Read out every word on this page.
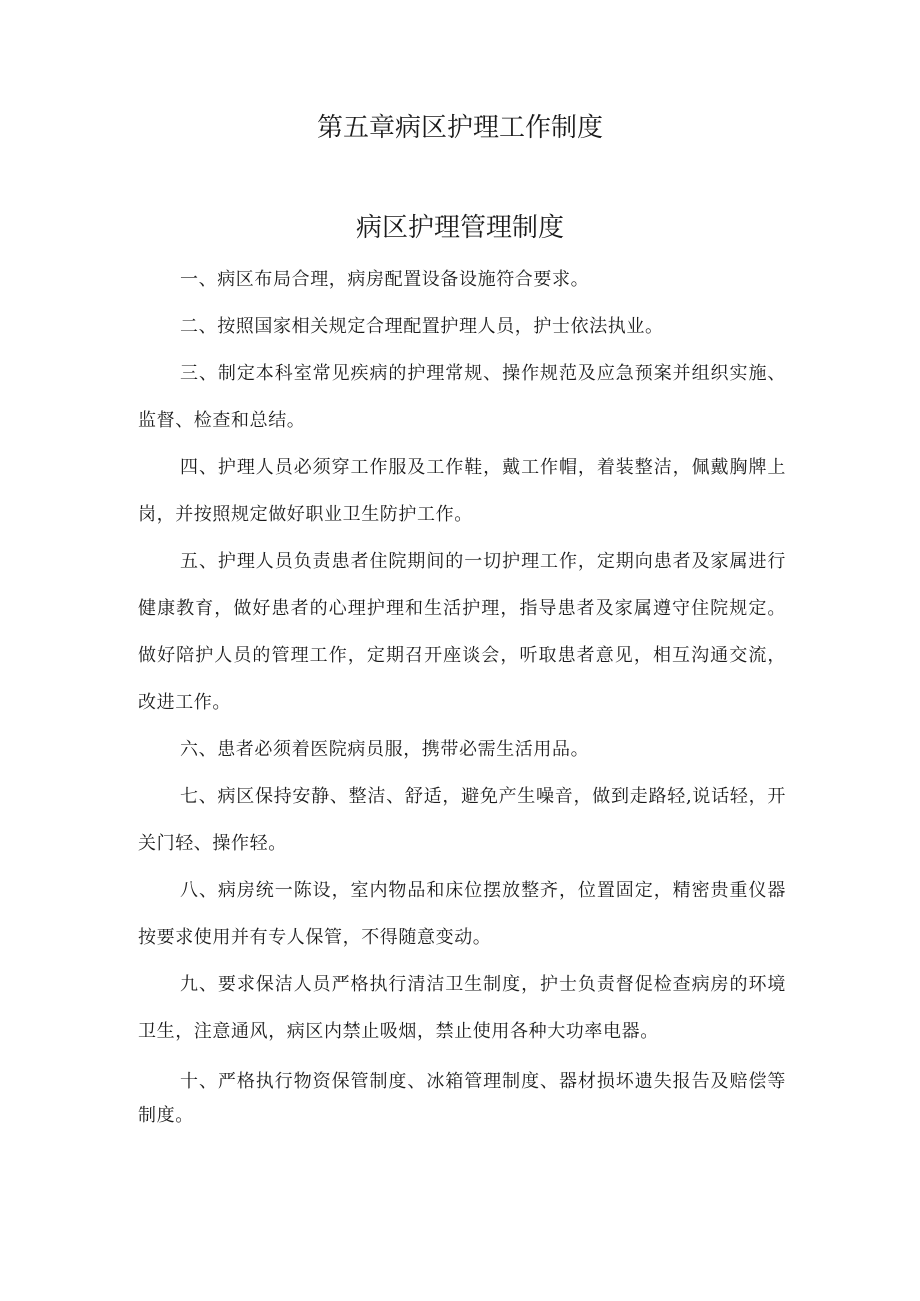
第五章病区护理工作制度
病区护理管理制度

一、病区布局合理，病房配置设备设施符合要求。

二、按照国家相关规定合理配置护理人员，护士依法执业。

三、制定本科室常见疾病的护理常规、操作规范及应急预案并组织实施、监督、检查和总结。

四、护理人员必须穿工作服及工作鞋，戴工作帽，着装整洁，佩戴胸牌上岗，并按照规定做好职业卫生防护工作。

五、护理人员负责患者住院期间的一切护理工作，定期向患者及家属进行健康教育，做好患者的心理护理和生活护理，指导患者及家属遵守住院规定。做好陪护人员的管理工作，定期召开座谈会，听取患者意见，相互沟通交流，改进工作。

六、患者必须着医院病员服，携带必需生活用品。

七、病区保持安静、整洁、舒适，避免产生噪音，做到走路轻,说话轻，开关门轻、操作轻。

八、病房统一陈设，室内物品和床位摆放整齐，位置固定，精密贵重仪器按要求使用并有专人保管，不得随意变动。

九、要求保洁人员严格执行清洁卫生制度，护士负责督促检查病房的环境卫生，注意通风，病区内禁止吸烟，禁止使用各种大功率电器。

十、严格执行物资保管制度、冰箱管理制度、器材损坏遗失报告及赔偿等制度。
